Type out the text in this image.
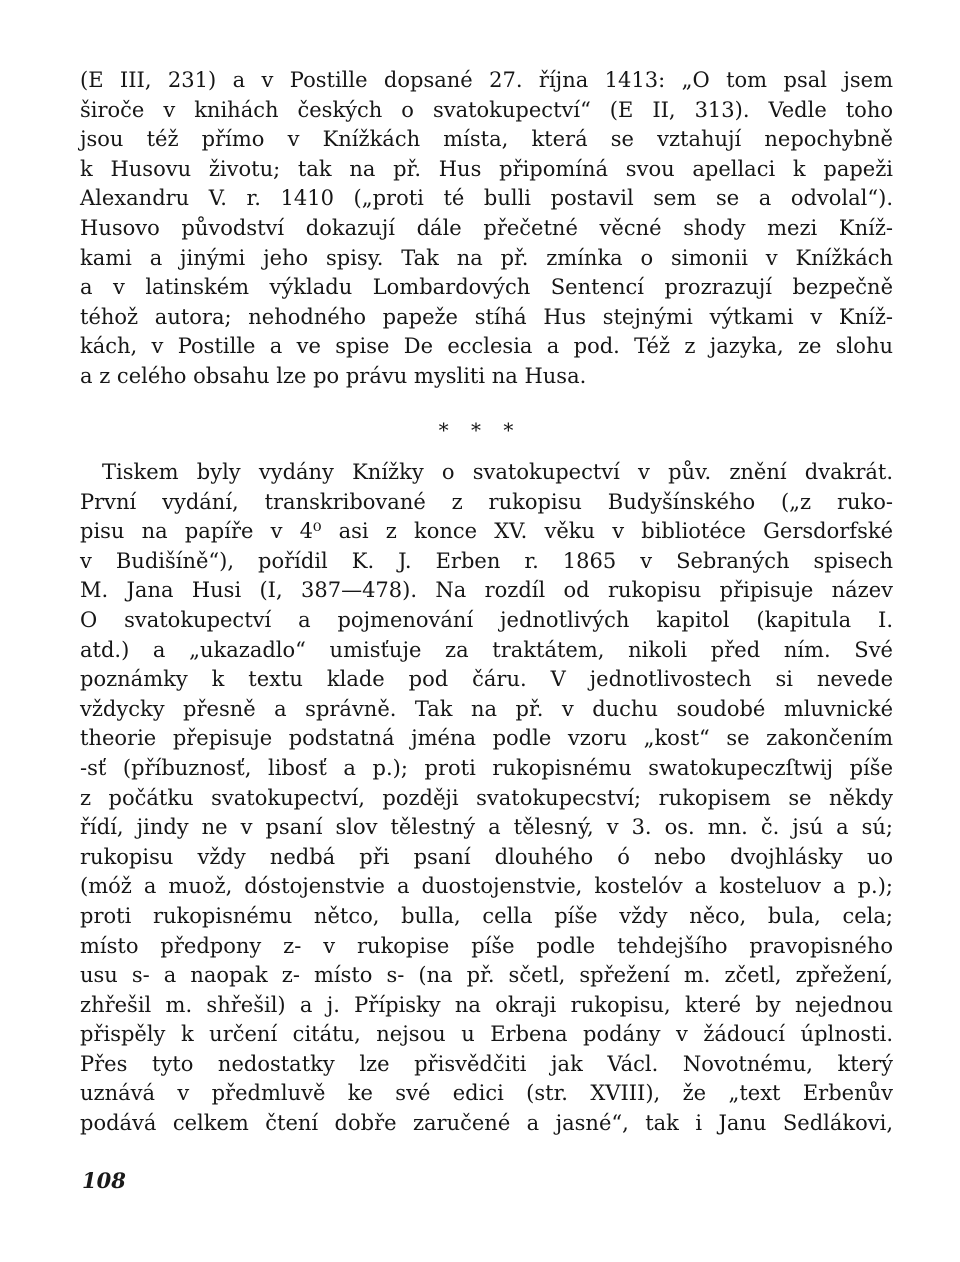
(E III, 231) a v Postille dopsané 27. října 1413: „O tom psal jsem
široče v knihách českých o svatokupectví“ (E II, 313). Vedle toho
jsou též přímo v Knížkách místa, která se vztahují nepochybně
k Husovu životu; tak na př. Hus připomíná svou apellaci k papeži
Alexandru V. r. 1410 („proti té bulli postavil sem se a odvolal“).
Husovo původství dokazují dále přečetné věcné shody mezi Kníž-
kami a jinými jeho spisy. Tak na př. zmínka o simonii v Knížkách
a v latinském výkladu Lombardových Sentencí prozrazují bezpečně
téhož autora; nehodného papeže stíhá Hus stejnými výtkami v Kníž-
kách, v Postille a ve spise De ecclesia a pod. Též z jazyka, ze slohu
a z celého obsahu lze po právu mysliti na Husa.
* * *
Tiskem byly vydány Knížky o svatokupectví v pův. znění dvakrát.
První vydání, transkribované z rukopisu Budyšínského („z ruko-
pisu na papíře v 4⁰ asi z konce XV. věku v bibliotéce Gersdorfské
v Budišíně“), pořídil K. J. Erben r. 1865 v Sebraných spisech
M. Jana Husi (I, 387—478). Na rozdíl od rukopisu připisuje název
O svatokupectví a pojmenování jednotlivých kapitol (kapitula I.
atd.) a „ukazadlo“ umisťuje za traktátem, nikoli před ním. Své
poznámky k textu klade pod čáru. V jednotlivostech si nevede
vždycky přesně a správně. Tak na př. v duchu soudobé mluvnické
theorie přepisuje podstatná jména podle vzoru „kost“ se zakončením
-sť (příbuznosť, libosť a p.); proti rukopisnému swatokupeczſtwij píše
z počátku svatokupectví, později svatokupecství; rukopisem se někdy
řídí, jindy ne v psaní slov tělestný a tělesný, v 3. os. mn. č. jsú a sú;
rukopisu vždy nedbá při psaní dlouhého ó nebo dvojhlásky uo
(móž a muož, dóstojenstvie a duostojenstvie, kostelóv a kosteluov a p.);
proti rukopisnému nětco, bulla, cella píše vždy něco, bula, cela;
místo předpony z- v rukopise píše podle tehdejšího pravopisného
usu s- a naopak z- místo s- (na př. sčetl, spřežení m. zčetl, zpřežení,
zhřešil m. shřešil) a j. Přípisky na okraji rukopisu, které by nejednou
přispěly k určení citátu, nejsou u Erbena podány v žádoucí úplnosti.
Přes tyto nedostatky lze přisvědčiti jak Václ. Novotnému, který
uznává v předmluvě ke své edici (str. XVIII), že „text Erbenův
podává celkem čtení dobře zaručené a jasné“, tak i Janu Sedlákovi,
108
